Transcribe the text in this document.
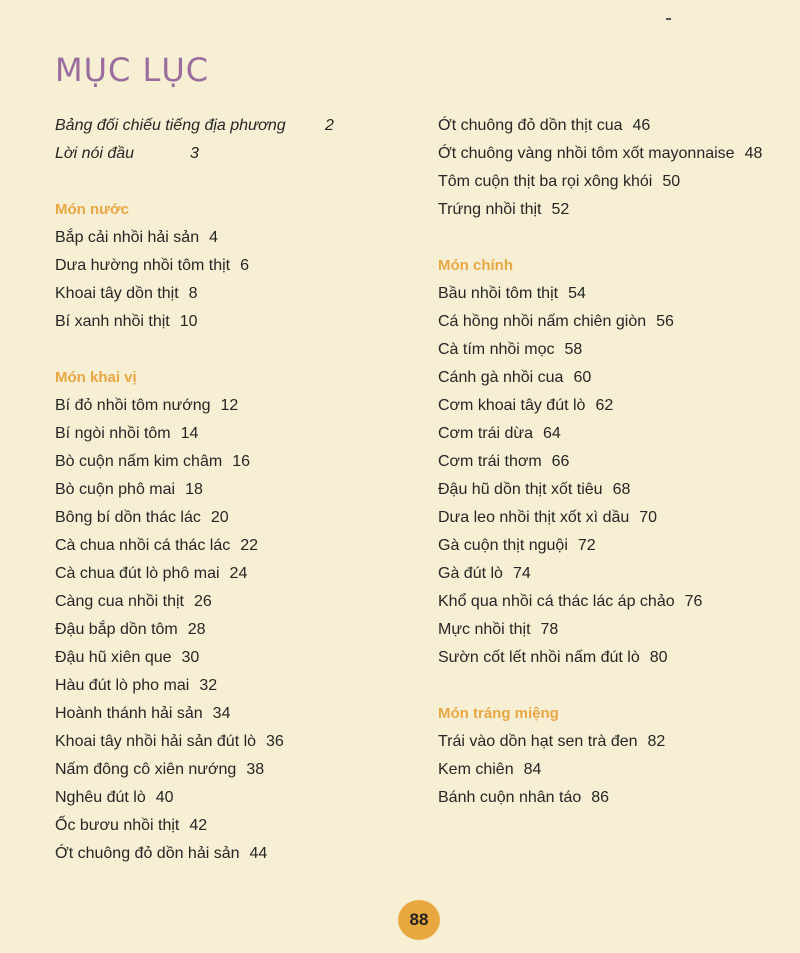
MỤC LỤC
Bảng đối chiếu tiếng địa phương 2
Lời nói đầu	3
Món nước
Bắp cải nhồi hải sản 4
Dưa hường nhồi tôm thịt 6
Khoai tây dồn thịt 8
Bí xanh nhồi thịt 10
Món khai vị
Bí đỏ nhồi tôm nướng 12
Bí ngòi nhồi tôm 14
Bò cuộn nấm kim châm 16
Bò cuộn phô mai 18
Bông bí dồn thác lác 20
Cà chua nhồi cá thác lác 22
Cà chua đút lò phô mai 24
Càng cua nhồi thịt 26
Đậu bắp dồn tôm 28
Đậu hũ xiên que 30
Hàu đút lò pho mai 32
Hoành thánh hải sản 34
Khoai tây nhồi hải sản đút lò 36
Nấm đông cô xiên nướng 38
Nghêu đút lò 40
Ốc bươu nhồi thịt 42
Ớt chuông đỏ dồn hải sản 44
Ớt chuông đỏ dồn thịt cua 46
Ớt chuông vàng nhồi tôm xốt mayonnaise 48
Tôm cuộn thịt ba rọi xông khói 50
Trứng nhồi thịt 52
Món chính
Bầu nhồi tôm thịt 54
Cá hồng nhồi nấm chiên giòn 56
Cà tím nhồi mọc 58
Cánh gà nhồi cua 60
Cơm khoai tây đút lò 62
Cơm trái dừa 64
Cơm trái thơm 66
Đậu hũ dồn thịt xốt tiêu 68
Dưa leo nhồi thịt xốt xì dầu 70
Gà cuộn thịt nguội 72
Gà đút lò 74
Khổ qua nhồi cá thác lác áp chảo 76
Mực nhồi thịt 78
Sườn cốt lết nhồi nấm đút lò 80
Món tráng miệng
Trái vào dồn hạt sen trà đen 82
Kem chiên 84
Bánh cuộn nhân táo 86
88
